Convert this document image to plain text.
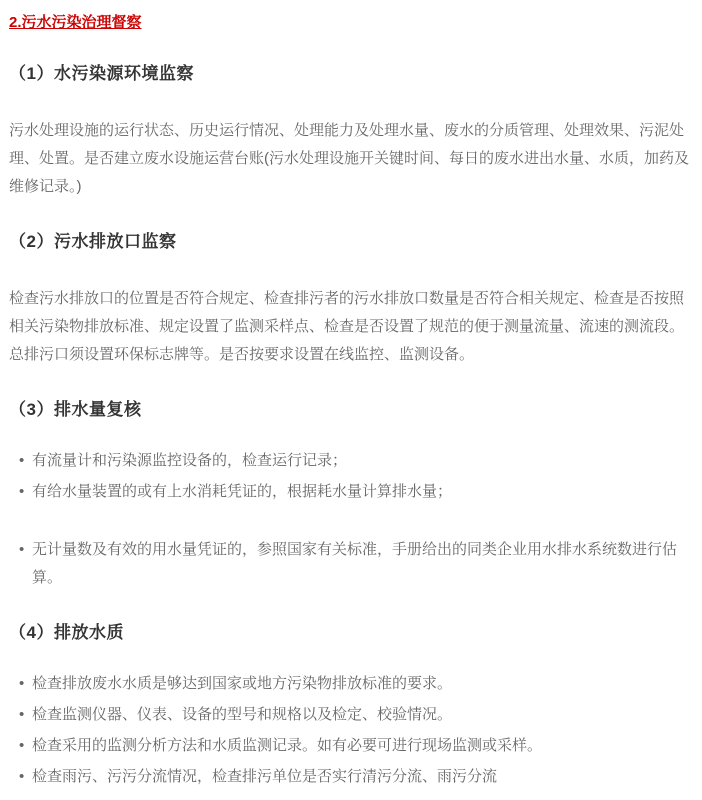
2.污水污染治理督察
（1）水污染源环境监察

污水处理设施的运行状态、历史运行情况、处理能力及处理水量、废水的分质管理、处理效果、污泥处理、处置。是否建立废水设施运营台账(污水处理设施开关键时间、每日的废水进出水量、水质，加药及维修记录。)

（2）污水排放口监察

检查污水排放口的位置是否符合规定、检查排污者的污水排放口数量是否符合相关规定、检查是否按照相关污染物排放标准、规定设置了监测采样点、检查是否设置了规范的便于测量流量、流速的测流段。总排污口须设置环保标志牌等。是否按要求设置在线监控、监测设备。

（3）排水量复核
• 有流量计和污染源监控设备的，检查运行记录；
• 有给水量装置的或有上水消耗凭证的，根据耗水量计算排水量；
• 无计量数及有效的用水量凭证的，参照国家有关标准，手册给出的同类企业用水排水系统数进行估算。
（4）排放水质
• 检查排放废水水质是够达到国家或地方污染物排放标准的要求。
• 检查监测仪器、仪表、设备的型号和规格以及检定、校验情况。
• 检查采用的监测分析方法和水质监测记录。如有必要可进行现场监测或采样。
• 检查雨污、污污分流情况，检查排污单位是否实行清污分流、雨污分流
